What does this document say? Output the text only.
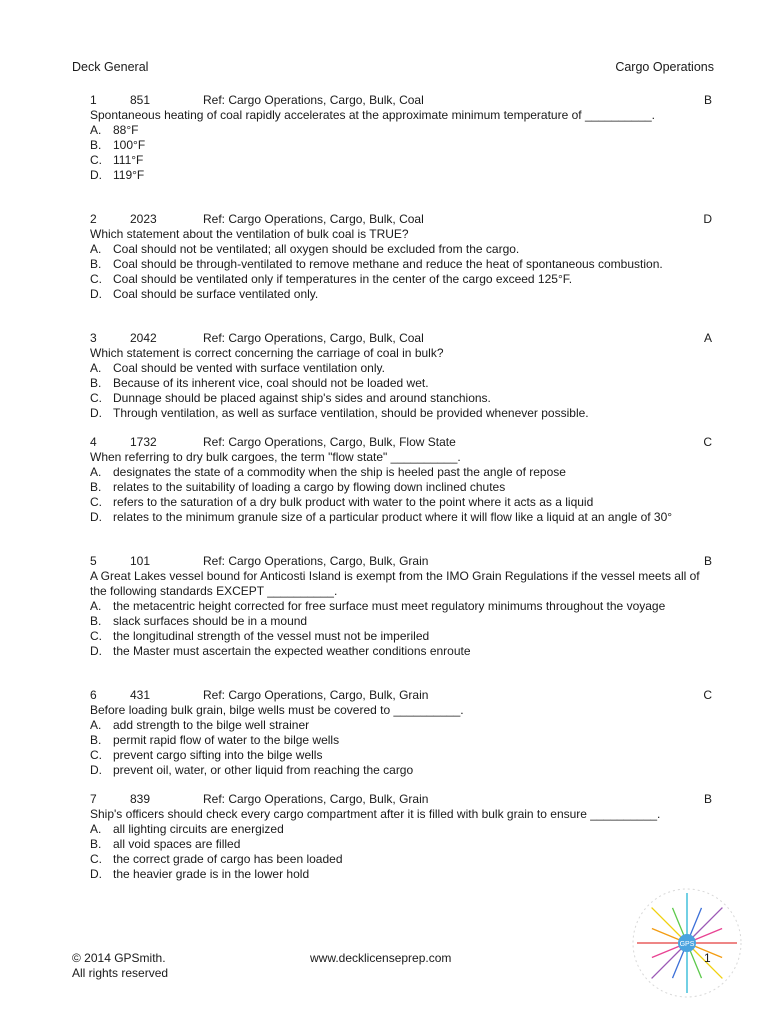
Deck General	Cargo Operations
1	851	Ref: Cargo Operations, Cargo, Bulk, Coal	B
Spontaneous heating of coal rapidly accelerates at the approximate minimum temperature of __________.
A. 88°F
B. 100°F
C. 111°F
D. 119°F
2	2023	Ref: Cargo Operations, Cargo, Bulk, Coal	D
Which statement about the ventilation of bulk coal is TRUE?
A. Coal should not be ventilated; all oxygen should be excluded from the cargo.
B. Coal should be through-ventilated to remove methane and reduce the heat of spontaneous combustion.
C. Coal should be ventilated only if temperatures in the center of the cargo exceed 125°F.
D. Coal should be surface ventilated only.
3	2042	Ref: Cargo Operations, Cargo, Bulk, Coal	A
Which statement is correct concerning the carriage of coal in bulk?
A. Coal should be vented with surface ventilation only.
B. Because of its inherent vice, coal should not be loaded wet.
C. Dunnage should be placed against ship's sides and around stanchions.
D. Through ventilation, as well as surface ventilation, should be provided whenever possible.
4	1732	Ref: Cargo Operations, Cargo, Bulk, Flow State	C
When referring to dry bulk cargoes, the term "flow state" __________.
A. designates the state of a commodity when the ship is heeled past the angle of repose
B. relates to the suitability of loading a cargo by flowing down inclined chutes
C. refers to the saturation of a dry bulk product with water to the point where it acts as a liquid
D. relates to the minimum granule size of a particular product where it will flow like a liquid at an angle of 30°
5	101	Ref: Cargo Operations, Cargo, Bulk, Grain	B
A Great Lakes vessel bound for Anticosti Island is exempt from the IMO Grain Regulations if the vessel meets all of the following standards EXCEPT __________.
A. the metacentric height corrected for free surface must meet regulatory minimums throughout the voyage
B. slack surfaces should be in a mound
C. the longitudinal strength of the vessel must not be imperiled
D. the Master must ascertain the expected weather conditions enroute
6	431	Ref: Cargo Operations, Cargo, Bulk, Grain	C
Before loading bulk grain, bilge wells must be covered to __________.
A. add strength to the bilge well strainer
B. permit rapid flow of water to the bilge wells
C. prevent cargo sifting into the bilge wells
D. prevent oil, water, or other liquid from reaching the cargo
7	839	Ref: Cargo Operations, Cargo, Bulk, Grain	B
Ship's officers should check every cargo compartment after it is filled with bulk grain to ensure __________.
A. all lighting circuits are energized
B. all void spaces are filled
C. the correct grade of cargo has been loaded
D. the heavier grade is in the lower hold
© 2014 GPSmith.
All rights reserved
www.decklicenseprep.com
GPS
1
